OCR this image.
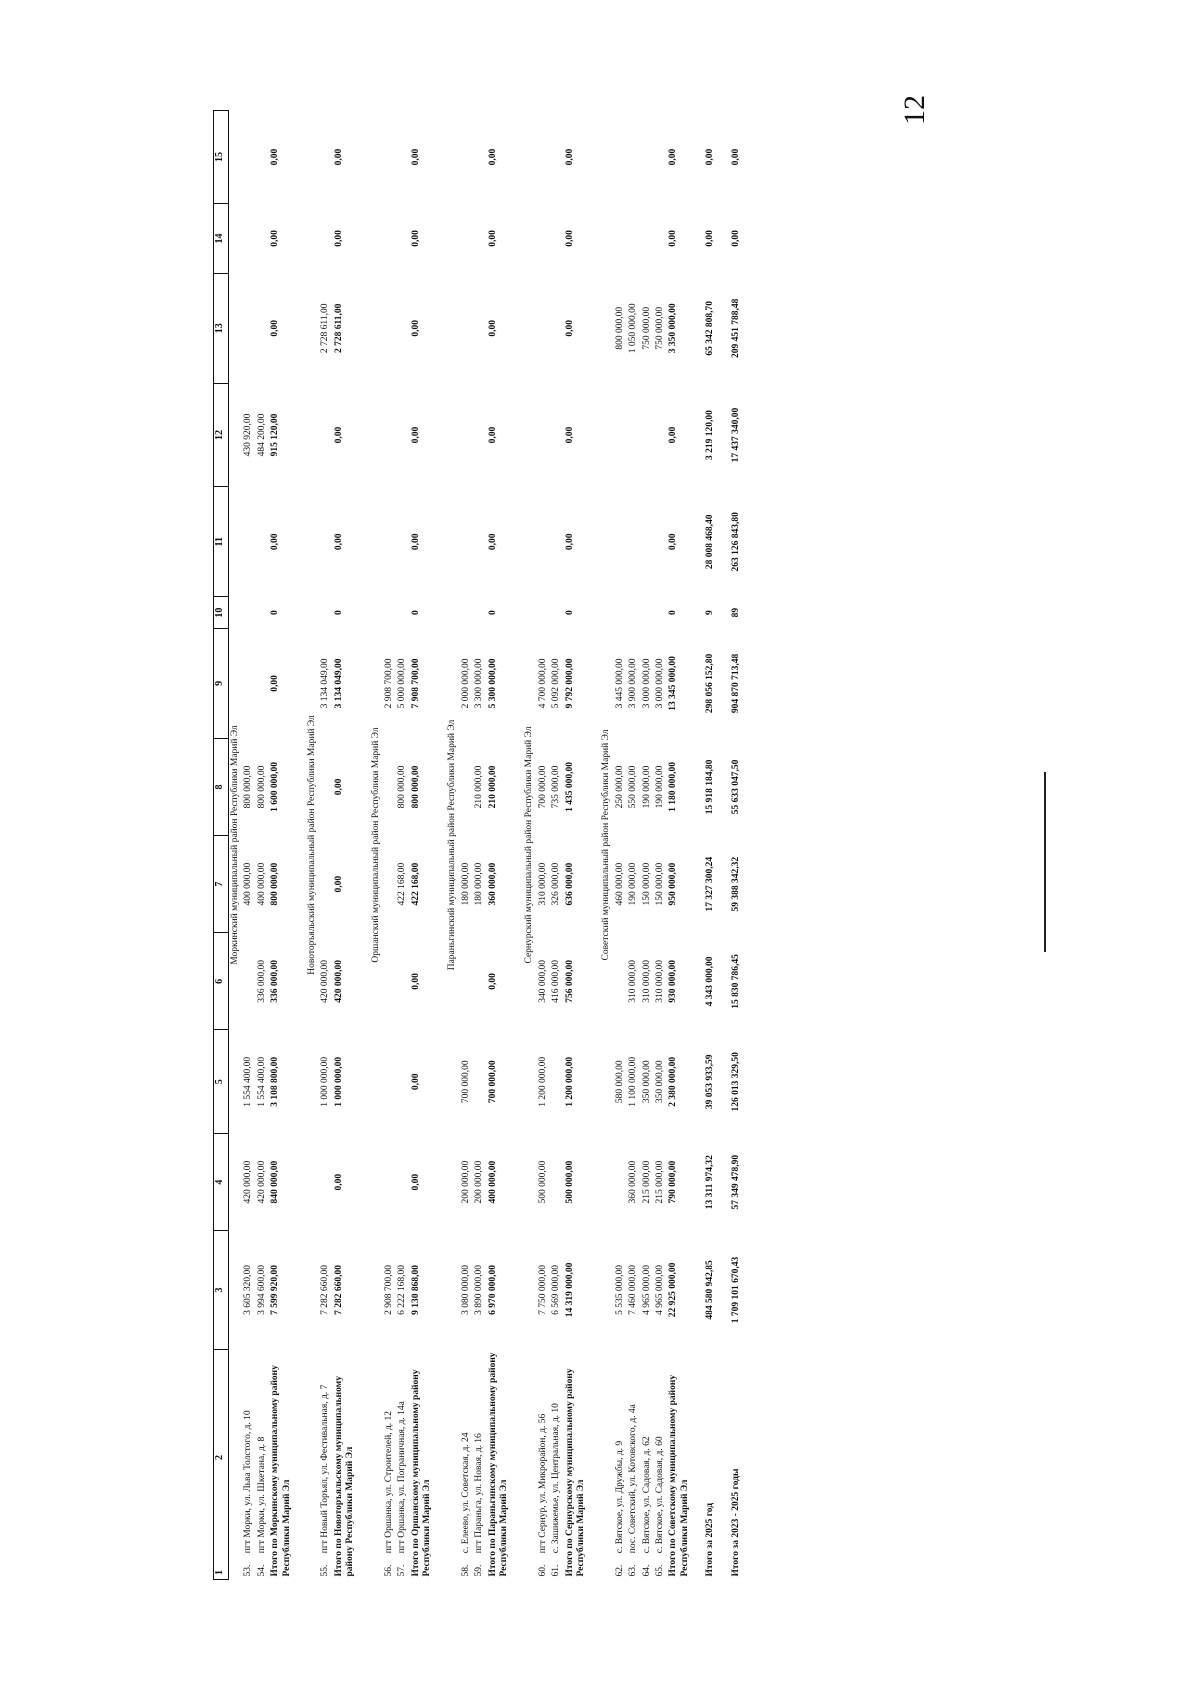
12
12		3	4	5	6	7	8	9	10	11	12	13	14	15
Моркинский муниципальный район Республики Марий Эл														
53.	пгт Морки, ул. Льва Толстого, д. 10	3 605 320,00	420 000,00	1 554 400,00		400 000,00	800 000,00				430 920,00			
54.	пгт Морки, ул. Шкетана, д. 8	3 994 600,00	420 000,00	1 554 400,00	336 000,00	400 000,00	800 000,00				484 200,00			
Итого по Моркинскому муниципальному району Республики Марий Эл		7 599 920,00	840 000,00	3 108 800,00	336 000,00	800 000,00	1 600 000,00	0,00	0	0,00	915 120,00	0,00	0,00	0,00

Новоторъяльский муниципальный район Республики Марий Эл														
55.	пгт Новый Торъял, ул. Фестивальная, д. 7	7 282 660,00		1 000 000,00	420 000,00			3 134 049,00				2 728 611,00		
Итого по Новоторъяльскому муниципальному району Республики Марий Эл		7 282 660,00	0,00	1 000 000,00	420 000,00	0,00	0,00	3 134 049,00	0	0,00	0,00	2 728 611,00	0,00	0,00

Оршанский муниципальный район Республики Марий Эл														
56.	пгт Оршанка, ул. Строителей, д. 12	2 908 700,00						2 908 700,00						
57.	пгт Оршанка, ул. Пограничная, д. 14а	6 222 168,00				422 168,00	800 000,00	5 000 000,00						
Итого по Оршанскому муниципальному району Республики Марий Эл		9 130 868,00	0,00	0,00	0,00	422 168,00	800 000,00	7 908 700,00	0	0,00	0,00	0,00	0,00	0,00

Параньгинский муниципальный район Республики Марий Эл														
58.	с. Елеево, ул. Советская, д. 24	3 080 000,00	200 000,00	700 000,00		180 000,00		2 000 000,00						
59.	пгт Параньга, ул. Новая, д. 16	3 890 000,00	200 000,00			180 000,00	210 000,00	3 300 000,00						
Итого по Параньгинскому муниципальному району Республики Марий Эл		6 970 000,00	400 000,00	700 000,00	0,00	360 000,00	210 000,00	5 300 000,00	0	0,00	0,00	0,00	0,00	0,00

Сернурский муниципальный район Республики Марий Эл														
60.	пгт Сернур, ул. Микрорайон, д. 56	7 750 000,00	500 000,00	1 200 000,00	340 000,00	310 000,00	700 000,00	4 700 000,00						
61.	с. Зашижемье, ул. Центральная, д. 10	6 569 000,00			416 000,00	326 000,00	735 000,00	5 092 000,00						
Итого по Сернурскому муниципальному району Республики Марий Эл		14 319 000,00	500 000,00	1 200 000,00	756 000,00	636 000,00	1 435 000,00	9 792 000,00	0	0,00	0,00	0,00	0,00	0,00

Советский муниципальный район Республики Марий Эл														
62.	с. Вятское, ул. Дружбы, д. 9	5 535 000,00		580 000,00		460 000,00	250 000,00	3 445 000,00				800 000,00		
63.	пос. Советский, ул. Котовского, д. 4а	7 460 000,00	360 000,00	1 100 000,00	310 000,00	190 000,00	550 000,00	3 900 000,00				1 050 000,00		
64.	с. Вятское, ул. Садовая, д. 62	4 965 000,00	215 000,00	350 000,00	310 000,00	150 000,00	190 000,00	3 000 000,00				750 000,00		
65.	с. Вятское, ул. Садовая, д. 60	4 965 000,00	215 000,00	350 000,00	310 000,00	150 000,00	190 000,00	3 000 000,00				750 000,00		
Итого по Советскому муниципальному району Республики Марий Эл		22 925 000,00	790 000,00	2 380 000,00	930 000,00	950 000,00	1 180 000,00	13 345 000,00	0	0,00	0,00	3 350 000,00	0,00	0,00

Итого за 2025 год		484 580 942,85	13 311 974,32	39 053 933,59	4 343 000,00	17 327 300,24	15 918 184,80	298 056 152,80	9	28 008 468,40	3 219 120,00	65 342 808,70	0,00	0,00

Итого за 2023 - 2025 годы		1 709 101 670,43	57 349 478,90	126 013 329,50	15 830 786,45	59 388 342,32	55 633 047,50	904 870 713,48	89	263 126 843,80	17 437 340,00	209 451 788,48	0,00	0,00
